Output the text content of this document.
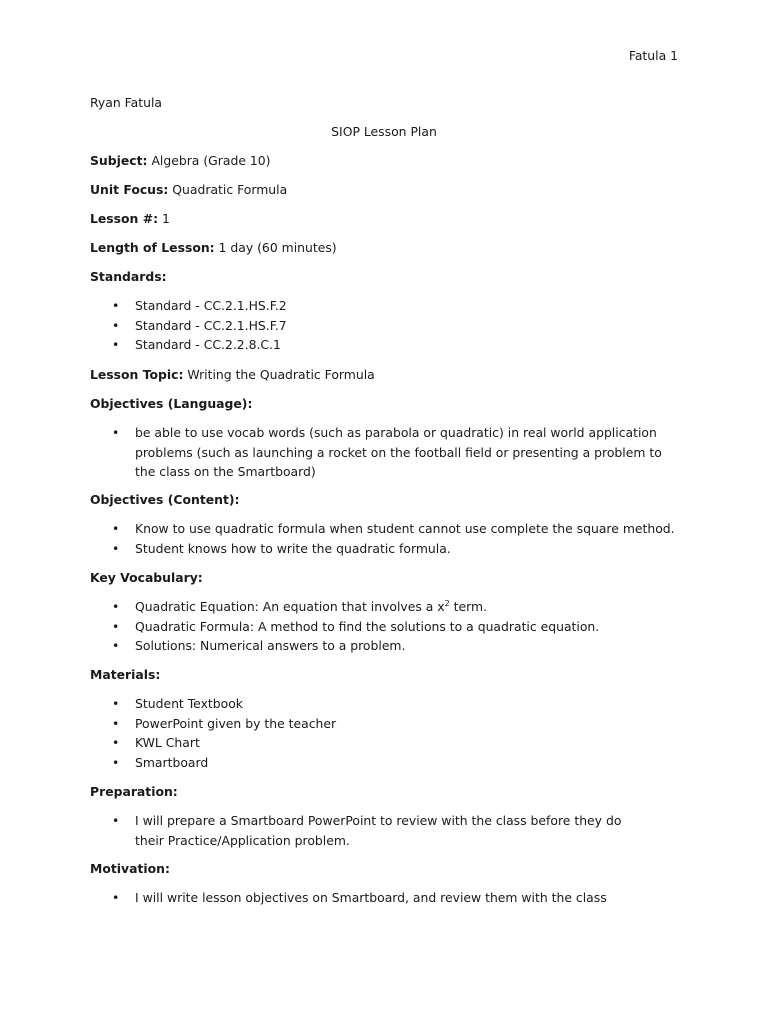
Fatula 1
Ryan Fatula
SIOP Lesson Plan
Subject: Algebra (Grade 10)
Unit Focus: Quadratic Formula
Lesson #: 1
Length of Lesson: 1 day (60 minutes)
Standards:
• Standard - CC.2.1.HS.F.2
• Standard - CC.2.1.HS.F.7
• Standard - CC.2.2.8.C.1
Lesson Topic: Writing the Quadratic Formula
Objectives (Language):
• be able to use vocab words (such as parabola or quadratic) in real world application problems (such as launching a rocket on the football field or presenting a problem to the class on the Smartboard)
Objectives (Content):
• Know to use quadratic formula when student cannot use complete the square method.
• Student knows how to write the quadratic formula.
Key Vocabulary:
• Quadratic Equation: An equation that involves a $x^2$ term.
• Quadratic Formula: A method to find the solutions to a quadratic equation.
• Solutions: Numerical answers to a problem.
Materials:
• Student Textbook
• PowerPoint given by the teacher
• KWL Chart
• Smartboard
Preparation:
• I will prepare a Smartboard PowerPoint to review with the class before they do their Practice/Application problem.
Motivation:
• I will write lesson objectives on Smartboard, and review them with the class
